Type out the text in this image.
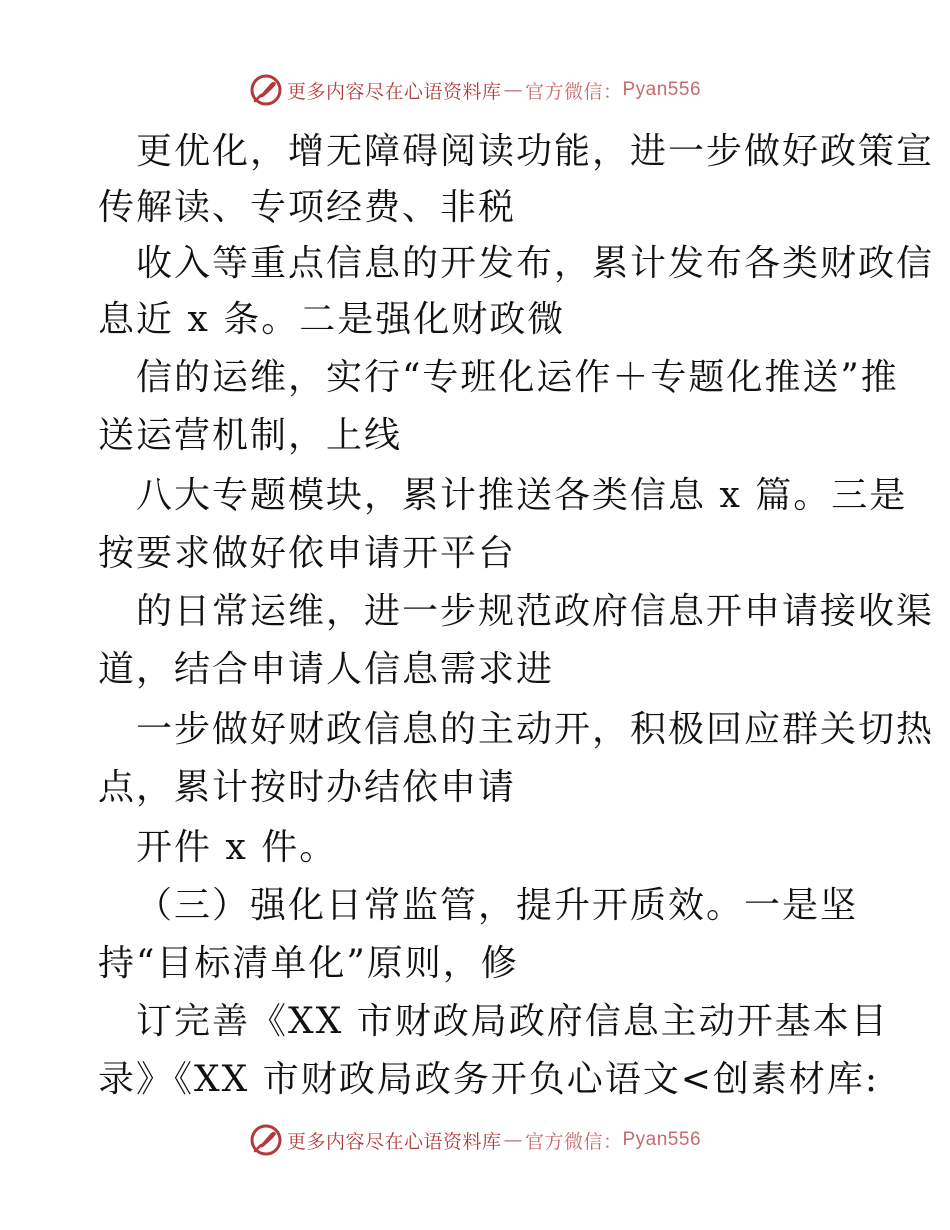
更多内容尽在心语资料库 — 官方微信： Pyan556
更优化，增无障碍阅读功能，进一步做好政策宣
传解读、专项经费、非税
收入等重点信息的开发布，累计发布各类财政信
息近 x 条。二是强化财政微
信的运维，实行“专班化运作＋专题化推送”推
送运营机制，上线
八大专题模块，累计推送各类信息 x 篇。三是
按要求做好依申请开平台
的日常运维，进一步规范政府信息开申请接收渠
道，结合申请人信息需求进
一步做好财政信息的主动开，积极回应群关切热
点，累计按时办结依申请
开件 x 件。
（三）强化日常监管，提升开质效。一是坚
持“目标清单化”原则，修
订完善《XX 市财政局政府信息主动开基本目
录》《XX 市财政局政务开负心语文<创素材库:
更多内容尽在心语资料库 — 官方微信： Pyan556
